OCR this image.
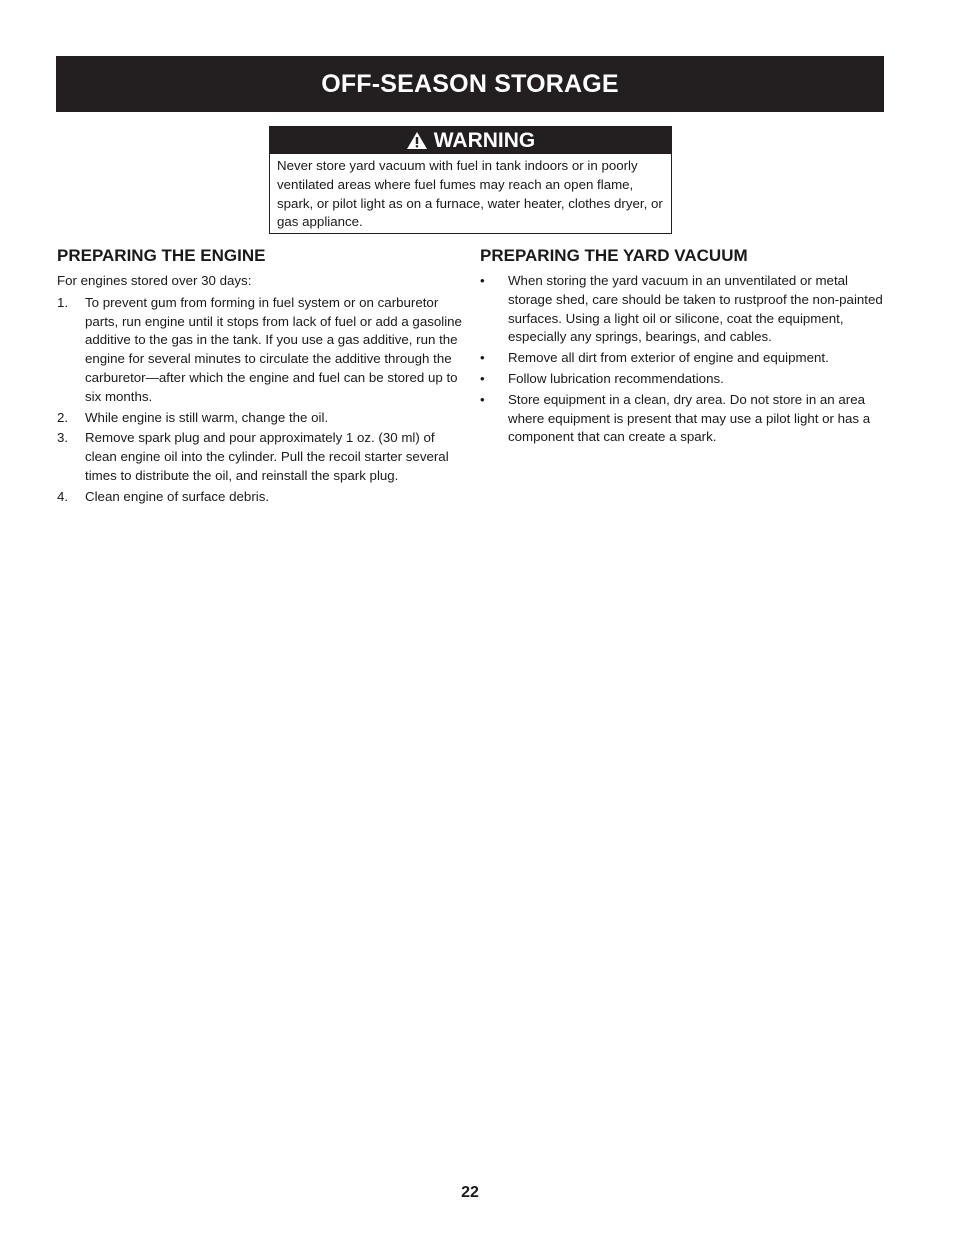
OFF-SEASON STORAGE
WARNING
Never store yard vacuum with fuel in tank indoors or in poorly ventilated areas where fuel fumes may reach an open flame, spark, or pilot light as on a furnace, water heater, clothes dryer, or gas appliance.
PREPARING THE ENGINE

For engines stored over 30 days:

1. To prevent gum from forming in fuel system or on carburetor parts, run engine until it stops from lack of fuel or add a gasoline additive to the gas in the tank. If you use a gas additive, run the engine for several minutes to circulate the additive through the carburetor—after which the engine and fuel can be stored up to six months.
2. While engine is still warm, change the oil.
3. Remove spark plug and pour approximately 1 oz. (30 ml) of clean engine oil into the cylinder. Pull the recoil starter several times to distribute the oil, and reinstall the spark plug.
4. Clean engine of surface debris.
PREPARING THE YARD VACUUM
• When storing the yard vacuum in an unventilated or metal storage shed, care should be taken to rustproof the non-painted surfaces. Using a light oil or silicone, coat the equipment, especially any springs, bearings, and cables.
• Remove all dirt from exterior of engine and equipment.
• Follow lubrication recommendations.
• Store equipment in a clean, dry area. Do not store in an area where equipment is present that may use a pilot light or has a component that can create a spark.
22
